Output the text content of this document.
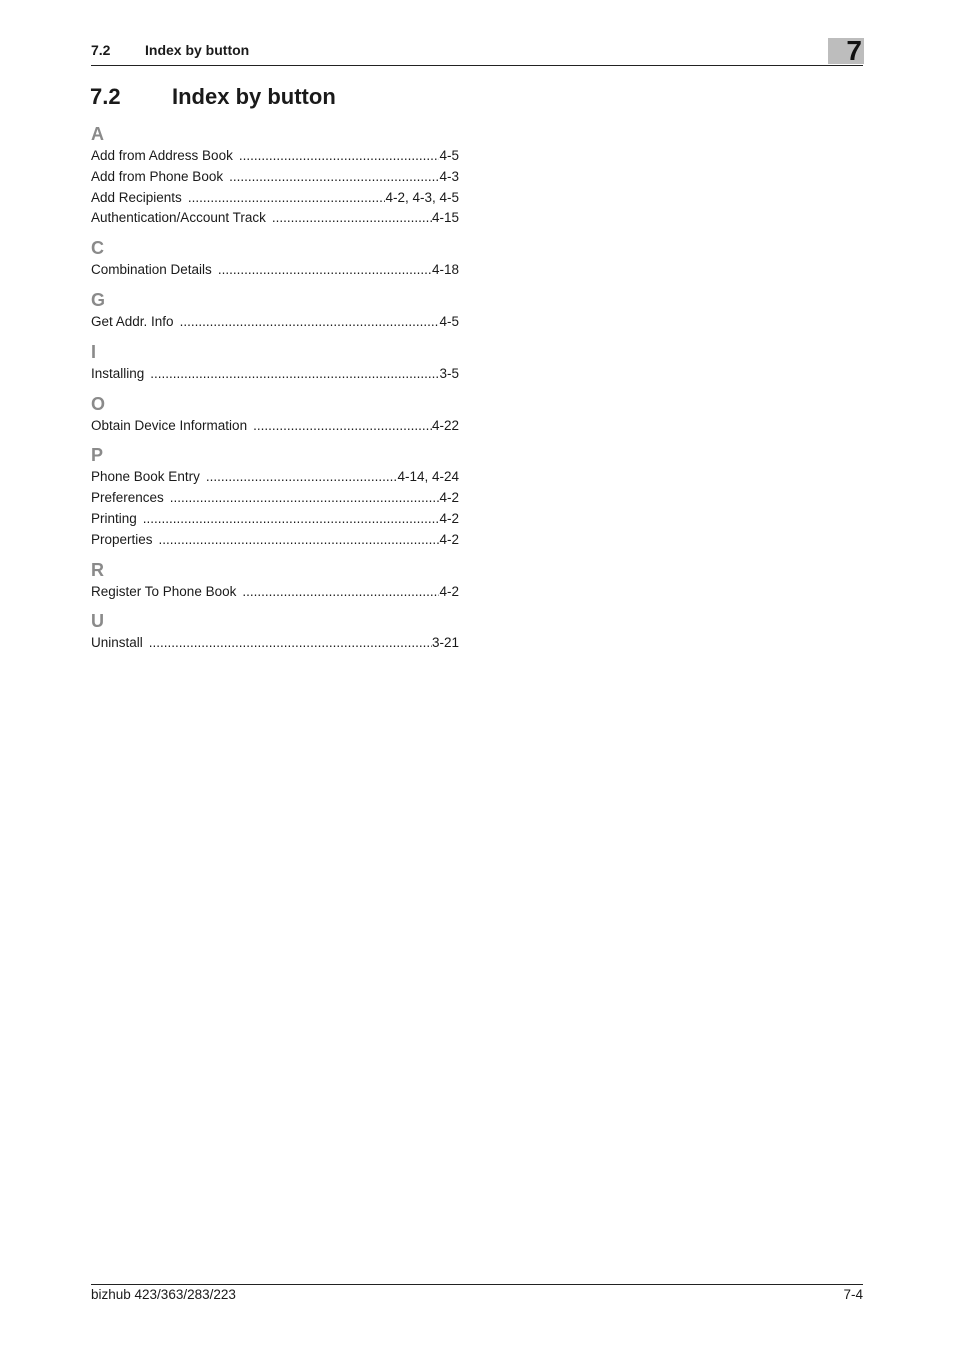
7.2 Index by button	7
7.2 Index by button
A
Add from Address Book .....	4-5
Add from Phone Book .....	4-3
Add Recipients .....	4-2, 4-3, 4-5
Authentication/Account Track .....	4-15
C
Combination Details .....	4-18
G
Get Addr. Info .....	4-5
I
Installing .....	3-5
O
Obtain Device Information .....	4-22
P
Phone Book Entry .....	4-14, 4-24
Preferences .....	4-2
Printing .....	4-2
Properties .....	4-2
R
Register To Phone Book .....	4-2
U
Uninstall .....	3-21
bizhub 423/363/283/223	7-4
